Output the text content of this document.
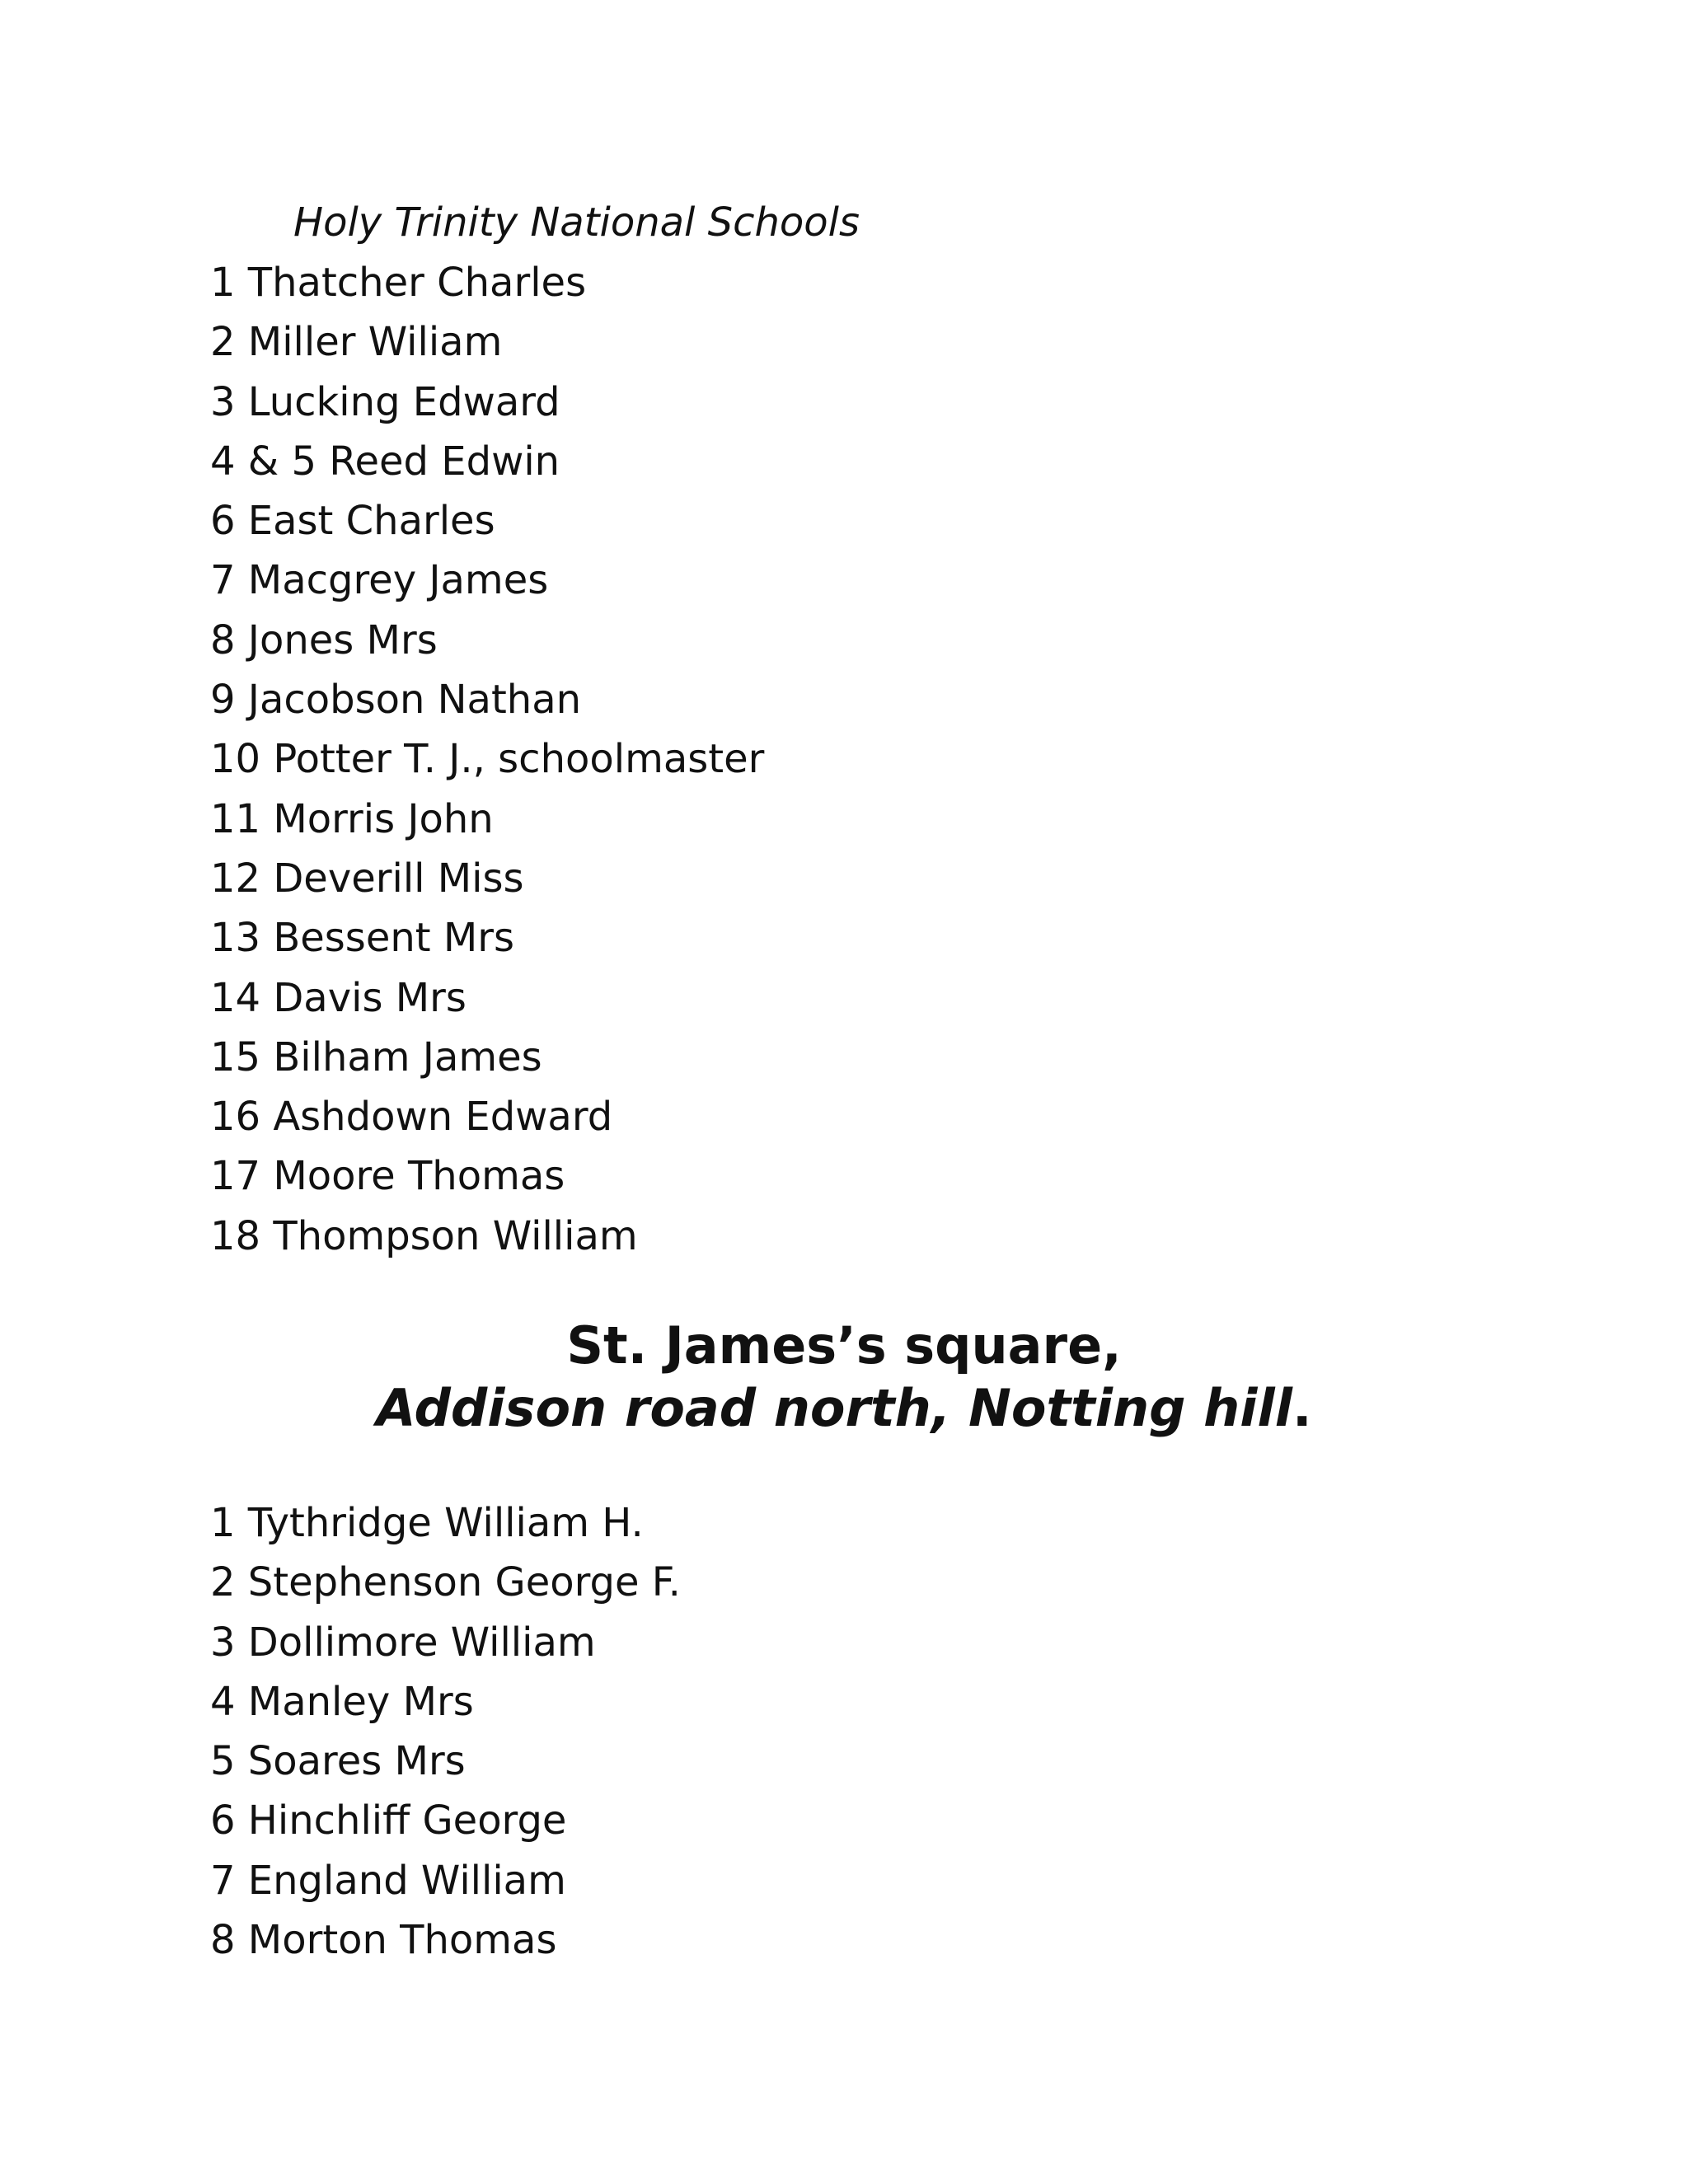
Holy Trinity National Schools
1 Thatcher Charles
2 Miller Wiliam
3 Lucking Edward
4 & 5 Reed Edwin
6 East Charles
7 Macgrey James
8 Jones Mrs
9 Jacobson Nathan
10 Potter T. J., schoolmaster
11 Morris John
12 Deverill Miss
13 Bessent Mrs
14 Davis Mrs
15 Bilham James
16 Ashdown Edward
17 Moore Thomas
18 Thompson William
St. James’s square,
Addison road north, Notting hill.
1 Tythridge William H.
2 Stephenson George F.
3 Dollimore William
4 Manley Mrs
5 Soares Mrs
6 Hinchliff George
7 England William
8 Morton Thomas
